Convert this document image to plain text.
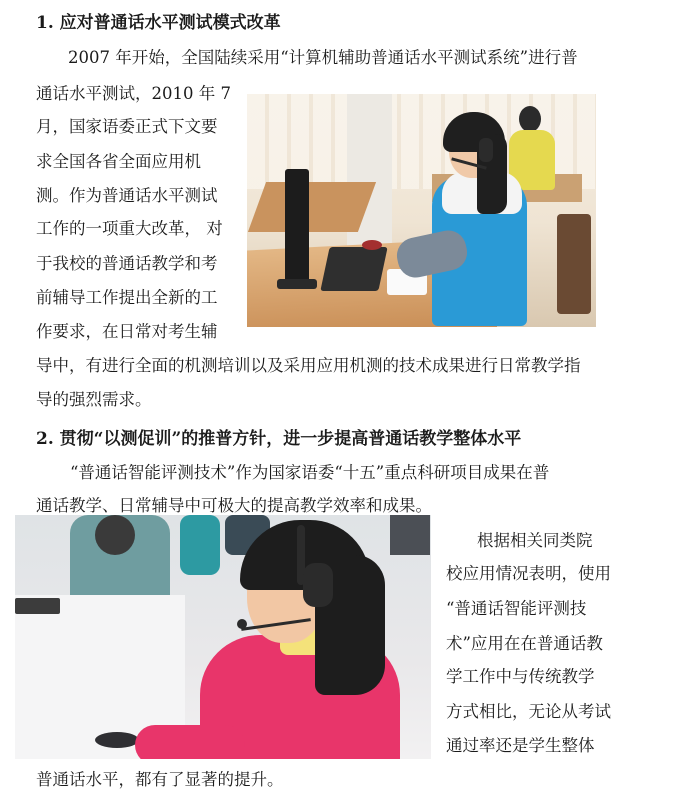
1. 应对普通话水平测试模式改革
2007 年开始，全国陆续采用“计算机辅助普通话水平测试系统”进行普
通话水平测试，2010 年 7
月，国家语委正式下文要
求全国各省全面应用机
测。作为普通话水平测试
工作的一项重大改革， 对
于我校的普通话教学和考
前辅导工作提出全新的工
作要求，在日常对考生辅
导中，有进行全面的机测培训以及采用应用机测的技术成果进行日常教学指
导的强烈需求。
2. 贯彻“以测促训”的推普方针，进一步提高普通话教学整体水平
“普通话智能评测技术”作为国家语委“十五”重点科研项目成果在普
通话教学、日常辅导中可极大的提高教学效率和成果。
根据相关同类院
校应用情况表明，使用
“普通话智能评测技
术”应用在在普通话教
学工作中与传统教学
方式相比，无论从考试
通过率还是学生整体
普通话水平，都有了显著的提升。
